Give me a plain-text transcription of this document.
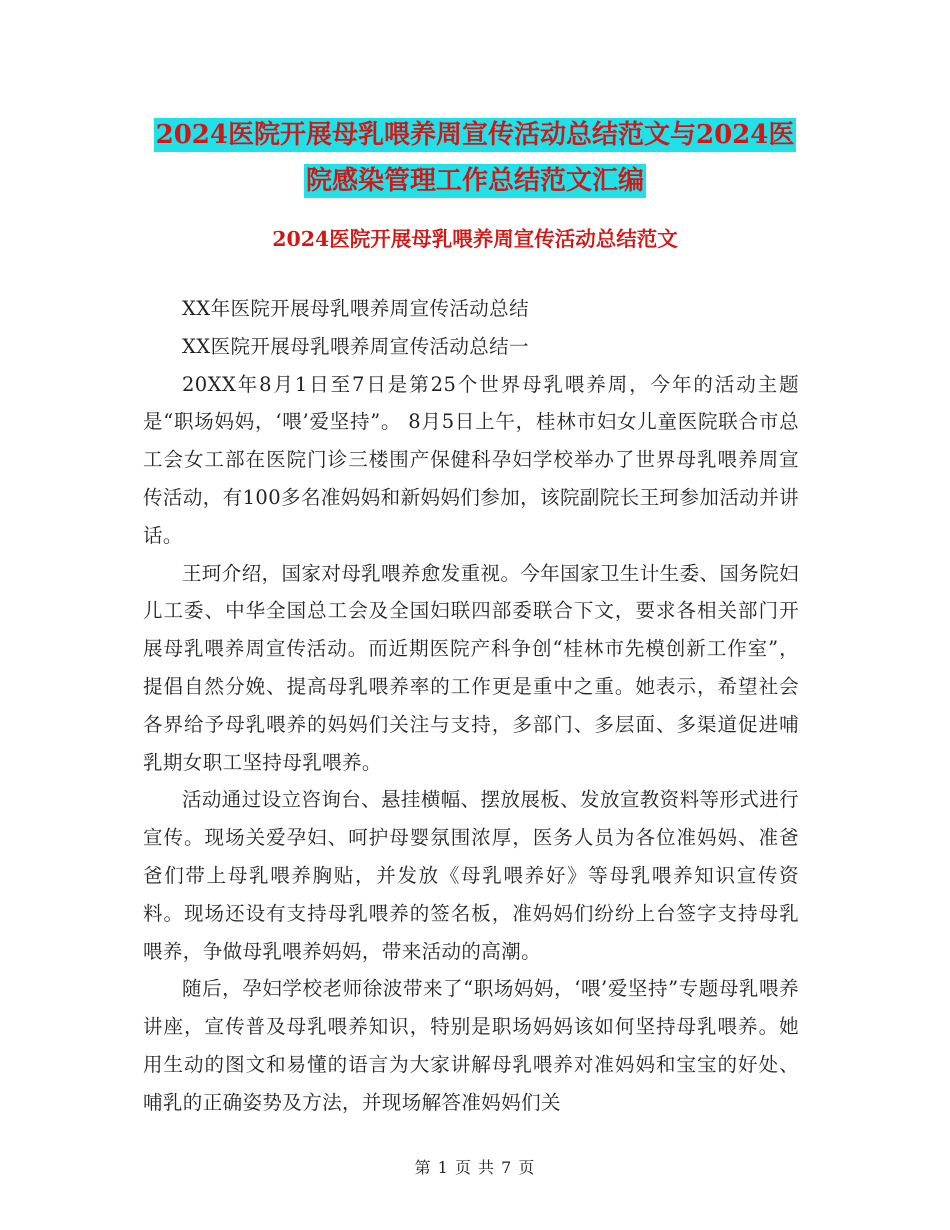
2024医院开展母乳喂养周宣传活动总结范文与2024医
院感染管理工作总结范文汇编
2024医院开展母乳喂养周宣传活动总结范文

XX年医院开展母乳喂养周宣传活动总结

XX医院开展母乳喂养周宣传活动总结一

20XX年8月1日至7日是第25个世界母乳喂养周，今年的活动主题是“职场妈妈，‘喂’爱坚持”。 8月5日上午，桂林市妇女儿童医院联合市总工会女工部在医院门诊三楼围产保健科孕妇学校举办了世界母乳喂养周宣传活动，有100多名准妈妈和新妈妈们参加，该院副院长王珂参加活动并讲话。

王珂介绍，国家对母乳喂养愈发重视。今年国家卫生计生委、国务院妇儿工委、中华全国总工会及全国妇联四部委联合下文，要求各相关部门开展母乳喂养周宣传活动。而近期医院产科争创“桂林市先模创新工作室”，提倡自然分娩、提高母乳喂养率的工作更是重中之重。她表示，希望社会各界给予母乳喂养的妈妈们关注与支持，多部门、多层面、多渠道促进哺乳期女职工坚持母乳喂养。

活动通过设立咨询台、悬挂横幅、摆放展板、发放宣教资料等形式进行宣传。现场关爱孕妇、呵护母婴氛围浓厚，医务人员为各位准妈妈、准爸爸们带上母乳喂养胸贴，并发放《母乳喂养好》等母乳喂养知识宣传资料。现场还设有支持母乳喂养的签名板，准妈妈们纷纷上台签字支持母乳喂养，争做母乳喂养妈妈，带来活动的高潮。

随后，孕妇学校老师徐波带来了“职场妈妈，‘喂’爱坚持”专题母乳喂养讲座，宣传普及母乳喂养知识，特别是职场妈妈该如何坚持母乳喂养。她用生动的图文和易懂的语言为大家讲解母乳喂养对准妈妈和宝宝的好处、哺乳的正确姿势及方法，并现场解答准妈妈们关

第 1 页 共 7 页
